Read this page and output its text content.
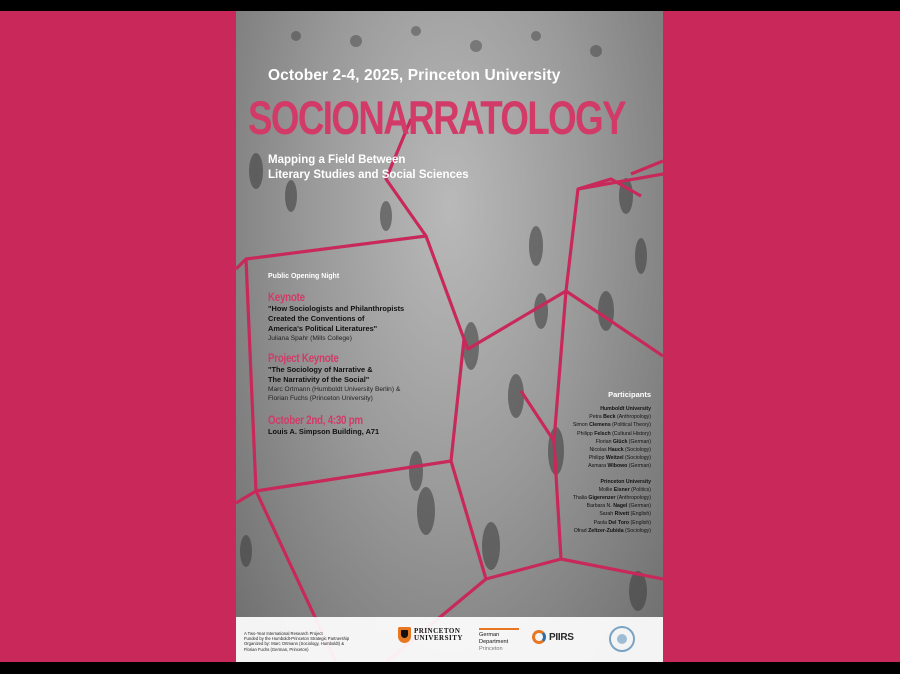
October 2-4, 2025, Princeton University
SOCIONARRATOLOGY
Mapping a Field Between
Literary Studies and Social Sciences
Public Opening Night
Keynote
"How Sociologists and Philanthropists
Created the Conventions of
America's Political Literatures"
Juliana Spahr (Mills College)
Project Keynote
"The Sociology of Narrative &
The Narrativity of the Social"
Marc Ortmann (Humboldt University Berlin) &
Florian Fuchs (Princeton University)
October 2nd, 4:30 pm
Louis A. Simpson Building, A71
Participants
Humboldt University
Petra Beck (Anthropology)
Simon Clemens (Political Theory)
Philipp Felsch (Cultural History)
Florian Glück (German)
Nicolas Hauck (Sociology)
Philipp Weitzel (Sociology)
Asmara Wibowo (German)
Princeton University
Mollie Eisner (Politics)
Thalia Gigerenzer (Anthropology)
Barbara N. Nagel (German)
Sarah Rivett (English)
Paola Del Toro (English)
Ofrad Zeltzer-Zubida (Sociology)
A Two-Year International Research Project
Funded by the Humboldt-Princeton Strategic Partnership
Organized by: Marc Ortmann (Sociology, Humboldt) &
Florian Fuchs (German, Princeton)
PRINCETON
UNIVERSITY	German
Department
Princeton
PIIRS
